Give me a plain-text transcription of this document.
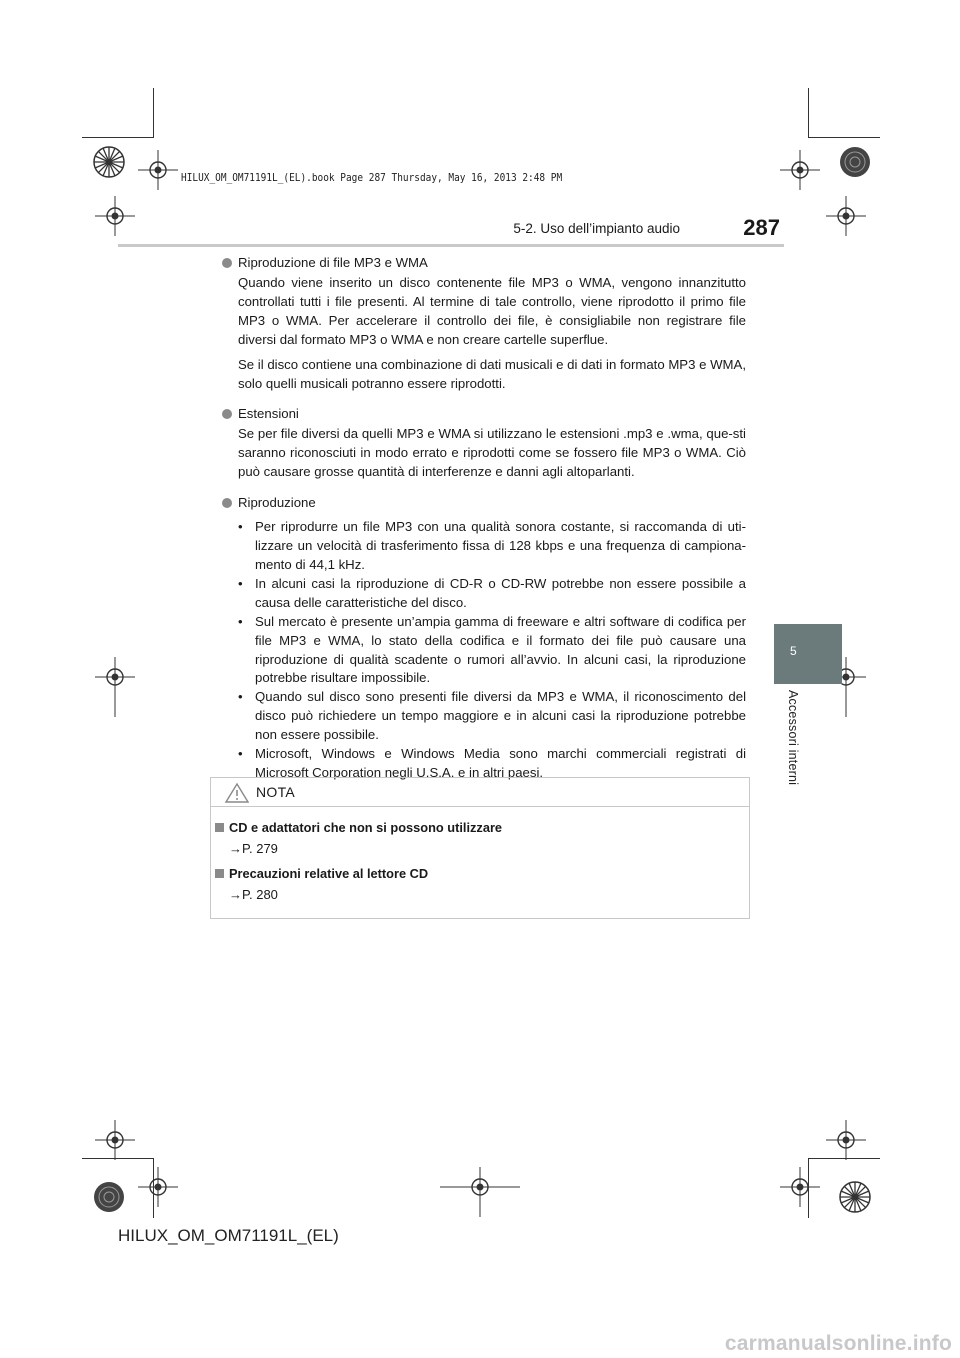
HILUX_OM_OM71191L_(EL).book Page 287 Thursday, May 16, 2013 2:48 PM
5-2. Uso dell’impianto audio	287
5
Accessori interni
Riproduzione di file MP3 e WMA

Quando viene inserito un disco contenente file MP3 o WMA, vengono innanzitutto controllati tutti i file presenti. Al termine di tale controllo, viene riprodotto il primo file MP3 o WMA. Per accelerare il controllo dei file, è consigliabile non registrare file diversi dal formato MP3 o WMA e non creare cartelle superflue.

Se il disco contiene una combinazione di dati musicali e di dati in formato MP3 e WMA, solo quelli musicali potranno essere riprodotti.

Estensioni

Se per file diversi da quelli MP3 e WMA si utilizzano le estensioni .mp3 e .wma, que-sti saranno riconosciuti in modo errato e riprodotti come se fossero file MP3 o WMA. Ciò può causare grosse quantità di interferenze e danni agli altoparlanti.

Riproduzione
• Per riprodurre un file MP3 con una qualità sonora costante, si raccomanda di uti-lizzare un velocità di trasferimento fissa di 128 kbps e una frequenza di campiona-mento di 44,1 kHz.
• In alcuni casi la riproduzione di CD-R o CD-RW potrebbe non essere possibile a causa delle caratteristiche del disco.
• Sul mercato è presente un’ampia gamma di freeware e altri software di codifica per file MP3 e WMA, lo stato della codifica e il formato dei file può causare una riproduzione di qualità scadente o rumori all’avvio. In alcuni casi, la riproduzione potrebbe risultare impossibile.
• Quando sul disco sono presenti file diversi da MP3 e WMA, il riconoscimento del disco può richiedere un tempo maggiore e in alcuni casi la riproduzione potrebbe non essere possibile.
• Microsoft, Windows e Windows Media sono marchi commerciali registrati di Microsoft Corporation negli U.S.A. e in altri paesi.
NOTA
CD e adattatori che non si possono utilizzare
→P. 279
Precauzioni relative al lettore CD
→P. 280
HILUX_OM_OM71191L_(EL)
carmanualsonline.info
